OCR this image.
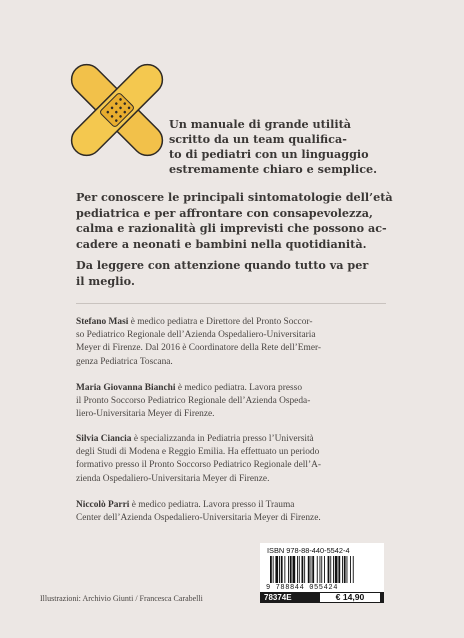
Un manuale di grande utilità
scritto da un team qualifica-
to di pediatri con un linguaggio
estremamente chiaro e semplice.
Per conoscere le principali sintomatologie dell’età
pediatrica e per affrontare con consapevolezza,
calma e razionalità gli imprevisti che possono ac-
cadere a neonati e bambini nella quotidianità.
Da leggere con attenzione quando tutto va per
il meglio.
Stefano Masi è medico pediatra e Direttore del Pronto Soccor-
so Pediatrico Regionale dell’Azienda Ospedaliero-Universitaria
Meyer di Firenze. Dal 2016 è Coordinatore della Rete dell’Emer-
genza Pediatrica Toscana.
Maria Giovanna Bianchi è medico pediatra. Lavora presso
il Pronto Soccorso Pediatrico Regionale dell’Azienda Ospeda-
liero-Universitaria Meyer di Firenze.
Silvia Ciancia è specializzanda in Pediatria presso l’Università
degli Studi di Modena e Reggio Emilia. Ha effettuato un periodo
formativo presso il Pronto Soccorso Pediatrico Regionale dell’A-
zienda Ospedaliero-Universitaria Meyer di Firenze.
Niccolò Parri è medico pediatra. Lavora presso il Trauma
Center dell’Azienda Ospedaliero-Universitaria Meyer di Firenze.
Illustrazioni: Archivio Giunti / Francesca Carabelli
ISBN 978-88-440-5542-4
9 788844 055424
78374E	€ 14,90
